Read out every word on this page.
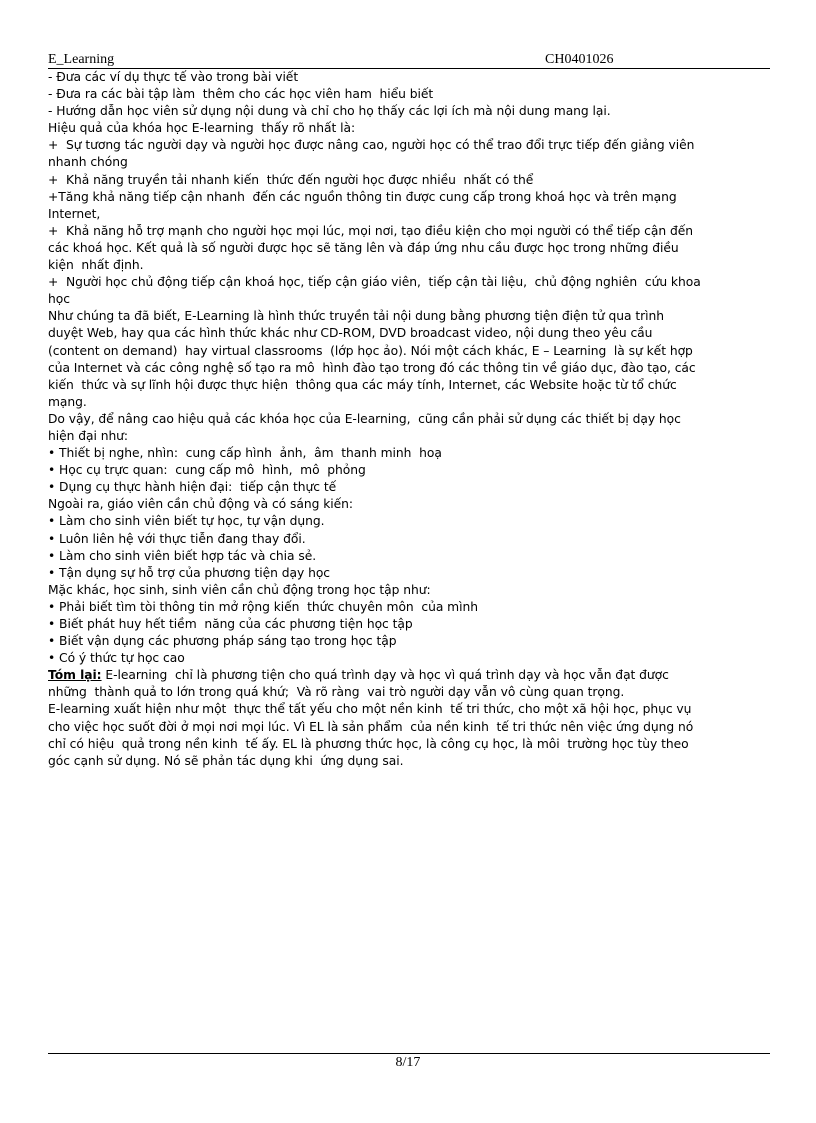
E_Learning	CH0401026
- Đưa các ví dụ thực tế vào trong bài viết
- Đưa ra các bài tập làm  thêm cho các học viên ham  hiểu biết
- Hướng dẫn học viên sử dụng nội dung và chỉ cho họ thấy các lợi ích mà nội dung mang lại.
Hiệu quả của khóa học E-learning  thấy rõ nhất là:
+  Sự tương tác người dạy và người học được nâng cao, người học có thể trao đổi trực tiếp đến giảng viên
nhanh chóng
+  Khả năng truyền tải nhanh kiến  thức đến người học được nhiều  nhất có thể
+Tăng khả năng tiếp cận nhanh  đến các nguồn thông tin được cung cấp trong khoá học và trên mạng
Internet,
+  Khả năng hỗ trợ mạnh cho người học mọi lúc, mọi nơi, tạo điều kiện cho mọi người có thể tiếp cận đến
các khoá học. Kết quả là số người được học sẽ tăng lên và đáp ứng nhu cầu được học trong những điều
kiện  nhất định.
+  Người học chủ động tiếp cận khoá học, tiếp cận giáo viên,  tiếp cận tài liệu,  chủ động nghiên  cứu khoa
học
Như chúng ta đã biết, E-Learning là hình thức truyền tải nội dung bằng phương tiện điện tử qua trình
duyệt Web, hay qua các hình thức khác như CD-ROM, DVD broadcast video, nội dung theo yêu cầu
(content on demand)  hay virtual classrooms  (lớp học ảo). Nói một cách khác, E – Learning  là sự kết hợp
của Internet và các công nghệ số tạo ra mô  hình đào tạo trong đó các thông tin về giáo dục, đào tạo, các
kiến  thức và sự lĩnh hội được thực hiện  thông qua các máy tính, Internet, các Website hoặc từ tổ chức
mạng.
Do vậy, để nâng cao hiệu quả các khóa học của E-learning,  cũng cần phải sử dụng các thiết bị dạy học
hiện đại như:
• Thiết bị nghe, nhìn:  cung cấp hình  ảnh,  âm  thanh minh  hoạ
• Học cụ trực quan:  cung cấp mô  hình,  mô  phỏng
• Dụng cụ thực hành hiện đại:  tiếp cận thực tế
Ngoài ra, giáo viên cần chủ động và có sáng kiến:
• Làm cho sinh viên biết tự học, tự vận dụng.
• Luôn liên hệ với thực tiễn đang thay đổi.
• Làm cho sinh viên biết hợp tác và chia sẻ.
• Tận dụng sự hỗ trợ của phương tiện dạy học
Mặc khác, học sinh, sinh viên cần chủ động trong học tập như:
• Phải biết tìm tòi thông tin mở rộng kiến  thức chuyên môn  của mình
• Biết phát huy hết tiềm  năng của các phương tiện học tập
• Biết vận dụng các phương pháp sáng tạo trong học tập
• Có ý thức tự học cao
Tóm lại: E-learning  chỉ là phương tiện cho quá trình dạy và học vì quá trình dạy và học vẫn đạt được
những  thành quả to lớn trong quá khứ;  Và rõ ràng  vai trò người dạy vẫn vô cùng quan trọng.
E-learning xuất hiện như một  thực thể tất yếu cho một nền kinh  tế tri thức, cho một xã hội học, phục vụ
cho việc học suốt đời ở mọi nơi mọi lúc. Vì EL là sản phẩm  của nền kinh  tế tri thức nên việc ứng dụng nó
chỉ có hiệu  quả trong nền kinh  tế ấy. EL là phương thức học, là công cụ học, là môi  trường học tùy theo
góc cạnh sử dụng. Nó sẽ phản tác dụng khi  ứng dụng sai.
8/17
